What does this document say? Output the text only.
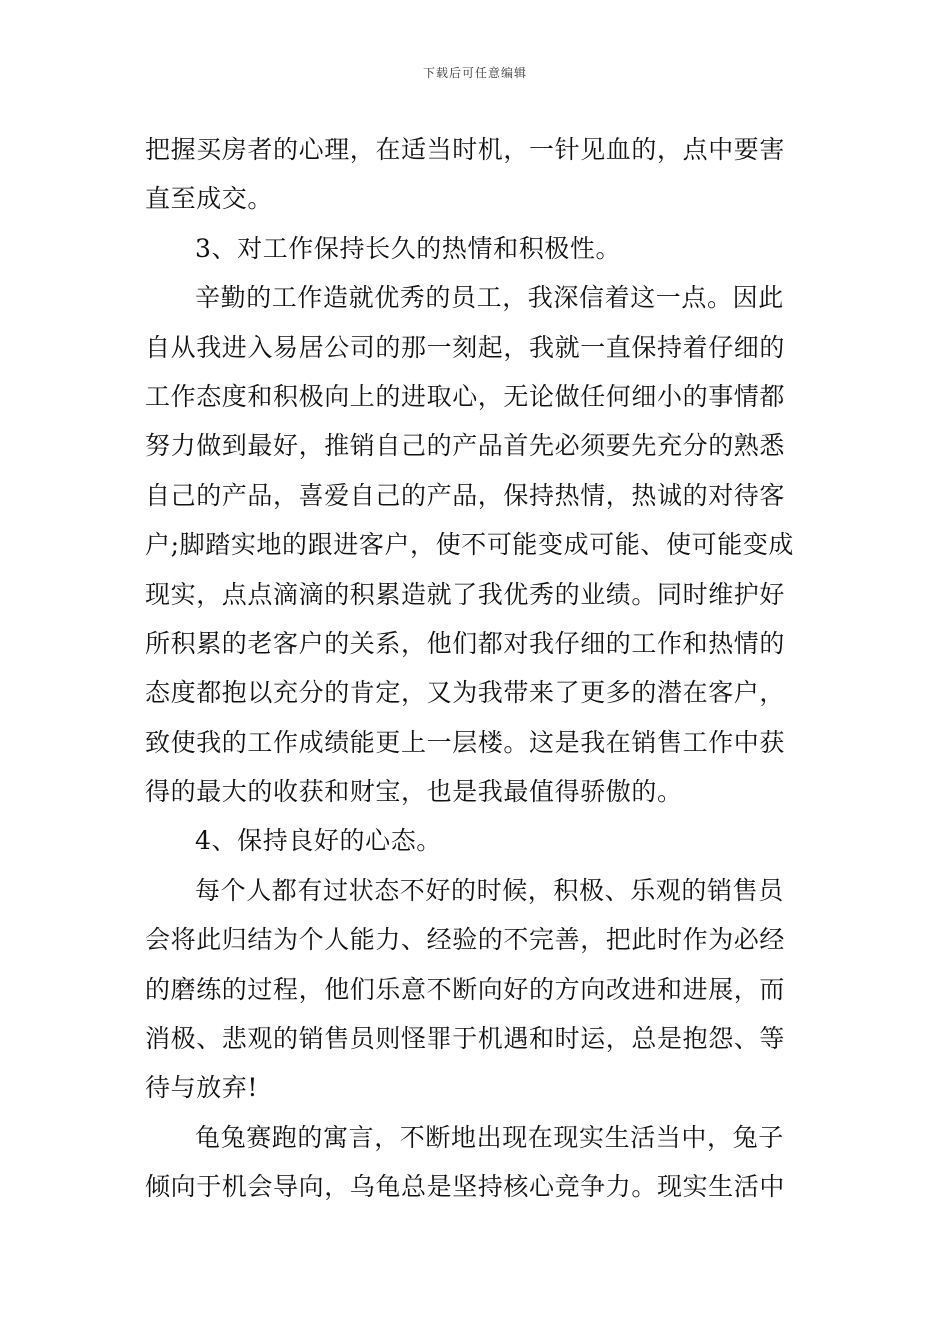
下载后可任意编辑
把握买房者的心理，在适当时机，一针见血的，点中要害
直至成交。
3、对工作保持长久的热情和积极性。
辛勤的工作造就优秀的员工，我深信着这一点。因此
自从我进入易居公司的那一刻起，我就一直保持着仔细的
工作态度和积极向上的进取心，无论做任何细小的事情都
努力做到最好，推销自己的产品首先必须要先充分的熟悉
自己的产品，喜爱自己的产品，保持热情，热诚的对待客
户;脚踏实地的跟进客户，使不可能变成可能、使可能变成
现实，点点滴滴的积累造就了我优秀的业绩。同时维护好
所积累的老客户的关系，他们都对我仔细的工作和热情的
态度都抱以充分的肯定，又为我带来了更多的潜在客户，
致使我的工作成绩能更上一层楼。这是我在销售工作中获
得的最大的收获和财宝，也是我最值得骄傲的。
4、保持良好的心态。
每个人都有过状态不好的时候，积极、乐观的销售员
会将此归结为个人能力、经验的不完善，把此时作为必经
的磨练的过程，他们乐意不断向好的方向改进和进展，而
消极、悲观的销售员则怪罪于机遇和时运，总是抱怨、等
待与放弃!
龟兔赛跑的寓言，不断地出现在现实生活当中，兔子
倾向于机会导向，乌龟总是坚持核心竞争力。现实生活中
